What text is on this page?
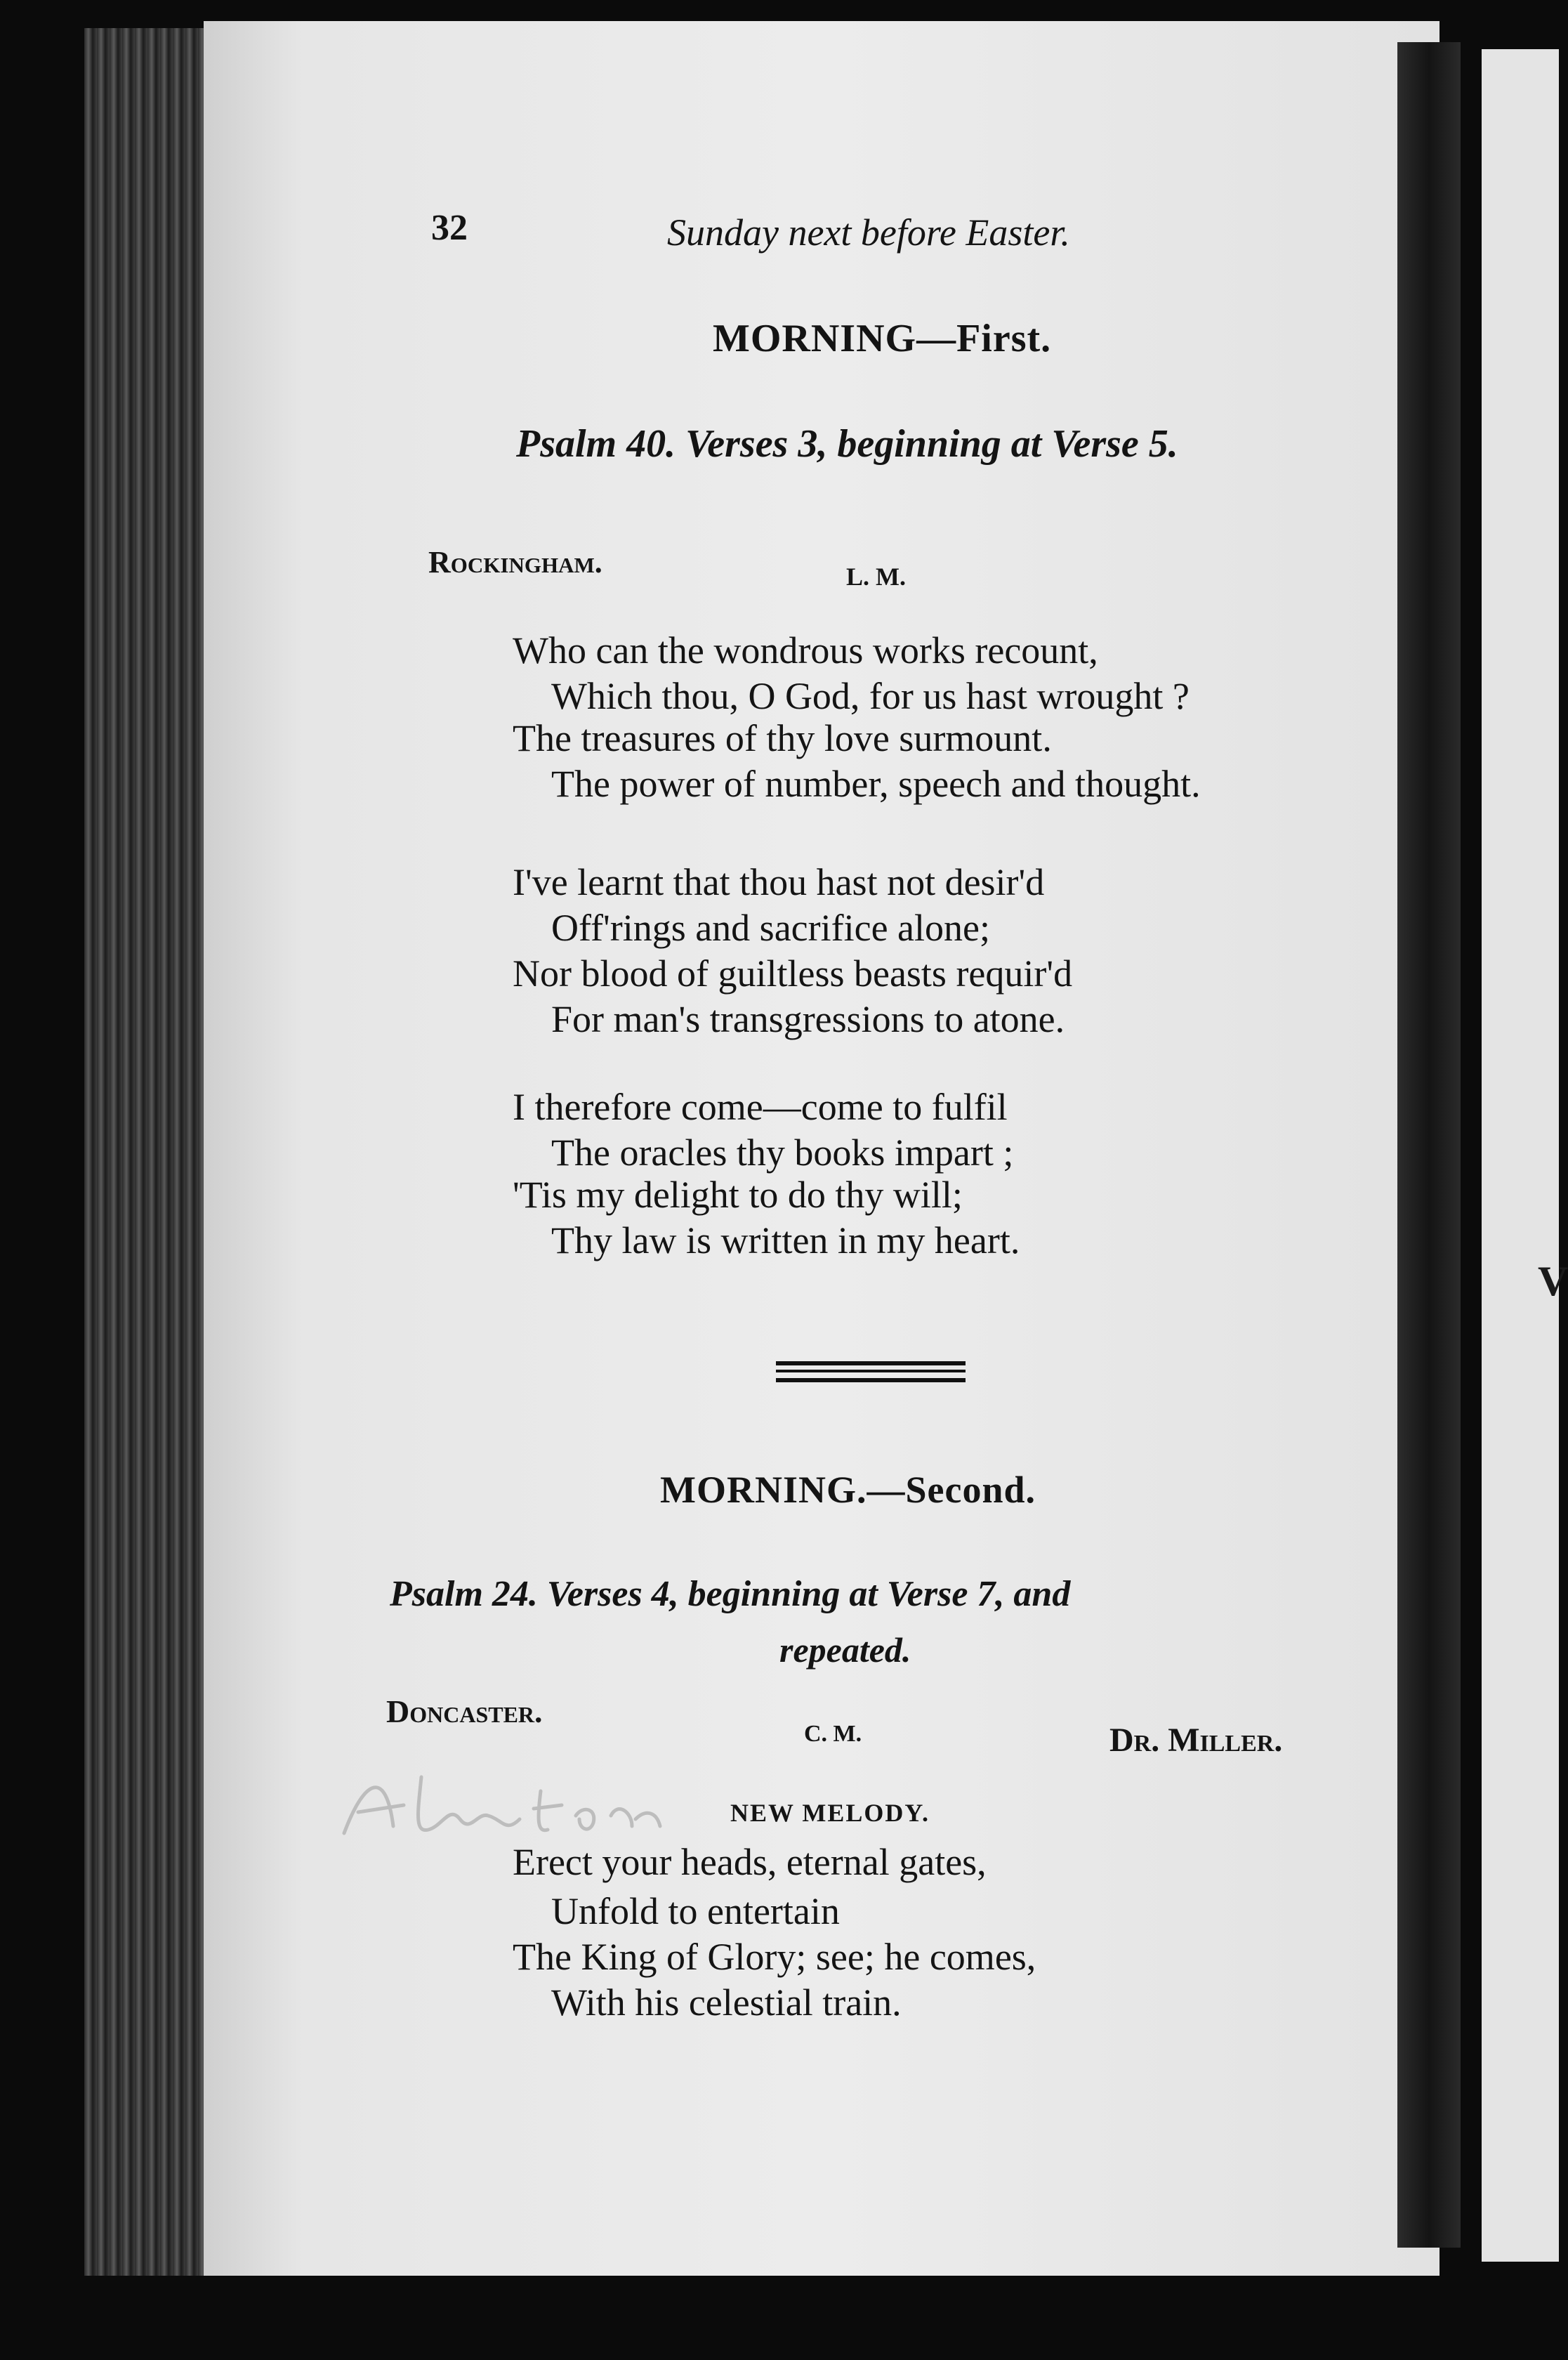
V
32	Sunday next before Easter.
MORNING—First.
Psalm 40. Verses 3, beginning at Verse 5.
Rockingham.	L. M.
Who can the wondrous works recount,
Which thou, O God, for us hast wrought ?
The treasures of thy love surmount.
The power of number, speech and thought.
I've learnt that thou hast not desir'd
Off'rings and sacrifice alone;
Nor blood of guiltless beasts requir'd
For man's transgressions to atone.
I therefore come—come to fulfil
The oracles thy books impart ;
'Tis my delight to do thy will;
Thy law is written in my heart.
MORNING.—Second.
Psalm 24. Verses 4, beginning at Verse 7, and
repeated.
Doncaster.
C. M.	Dr. Miller.
NEW MELODY.
Erect your heads, eternal gates,
Unfold to entertain
The King of Glory; see; he comes,
With his celestial train.
